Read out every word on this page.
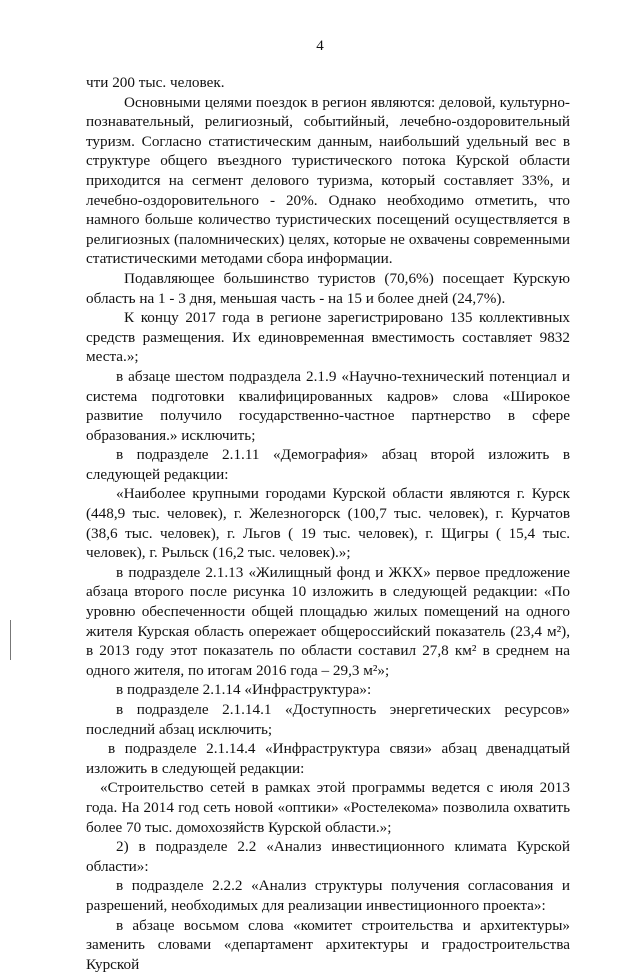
4

чти 200 тыс. человек.

Основными целями поездок в регион являются: деловой, культурно-познавательный, религиозный, событийный, лечебно-оздоровительный туризм. Согласно статистическим данным, наибольший удельный вес в структуре общего въездного туристического потока Курской области приходится на сегмент делового туризма, который составляет 33%, и лечебно-оздоровительного - 20%. Однако необходимо отметить, что намного больше количество туристических посещений осуществляется в религиозных (паломнических) целях, которые не охвачены современными статистическими методами сбора информации.

Подавляющее большинство туристов (70,6%) посещает Курскую область на 1 - 3 дня, меньшая часть - на 15 и более дней (24,7%).

К концу 2017 года в регионе зарегистрировано 135 коллективных средств размещения. Их единовременная вместимость составляет 9832 места.»;

в абзаце шестом подраздела 2.1.9 «Научно-технический потенциал и система подготовки квалифицированных кадров» слова «Широкое развитие получило государственно-частное партнерство в сфере образования.» исключить;

в подразделе 2.1.11 «Демография» абзац второй изложить в следующей редакции:

«Наиболее крупными городами Курской области являются г. Курск (448,9 тыс. человек), г. Железногорск (100,7 тыс. человек), г. Курчатов (38,6 тыс. человек), г. Льгов ( 19 тыс. человек), г. Щигры ( 15,4 тыс. человек), г. Рыльск (16,2 тыс. человек).»;

в подразделе 2.1.13 «Жилищный фонд и ЖКХ» первое предложение абзаца второго после рисунка 10 изложить в следующей редакции: «По уровню обеспеченности общей площадью жилых помещений на одного жителя Курская область опережает общероссийский показатель (23,4 м²), в 2013 году этот показатель по области составил 27,8 км² в среднем на одного жителя, по итогам 2016 года – 29,3 м²»;

в подразделе 2.1.14 «Инфраструктура»:

в подразделе 2.1.14.1 «Доступность энергетических ресурсов» последний абзац исключить;

в подразделе 2.1.14.4 «Инфраструктура связи» абзац двенадцатый изложить в следующей редакции:

«Строительство сетей в рамках этой программы ведется с июля 2013 года. На 2014 год сеть новой «оптики» «Ростелекома» позволила охватить более 70 тыс. домохозяйств Курской области.»;

2) в подразделе 2.2 «Анализ инвестиционного климата Курской области»:

в подразделе 2.2.2 «Анализ структуры получения согласования и разрешений, необходимых для реализации инвестиционного проекта»:

в абзаце восьмом слова «комитет строительства и архитектуры» заменить словами «департамент архитектуры и градостроительства Курской
